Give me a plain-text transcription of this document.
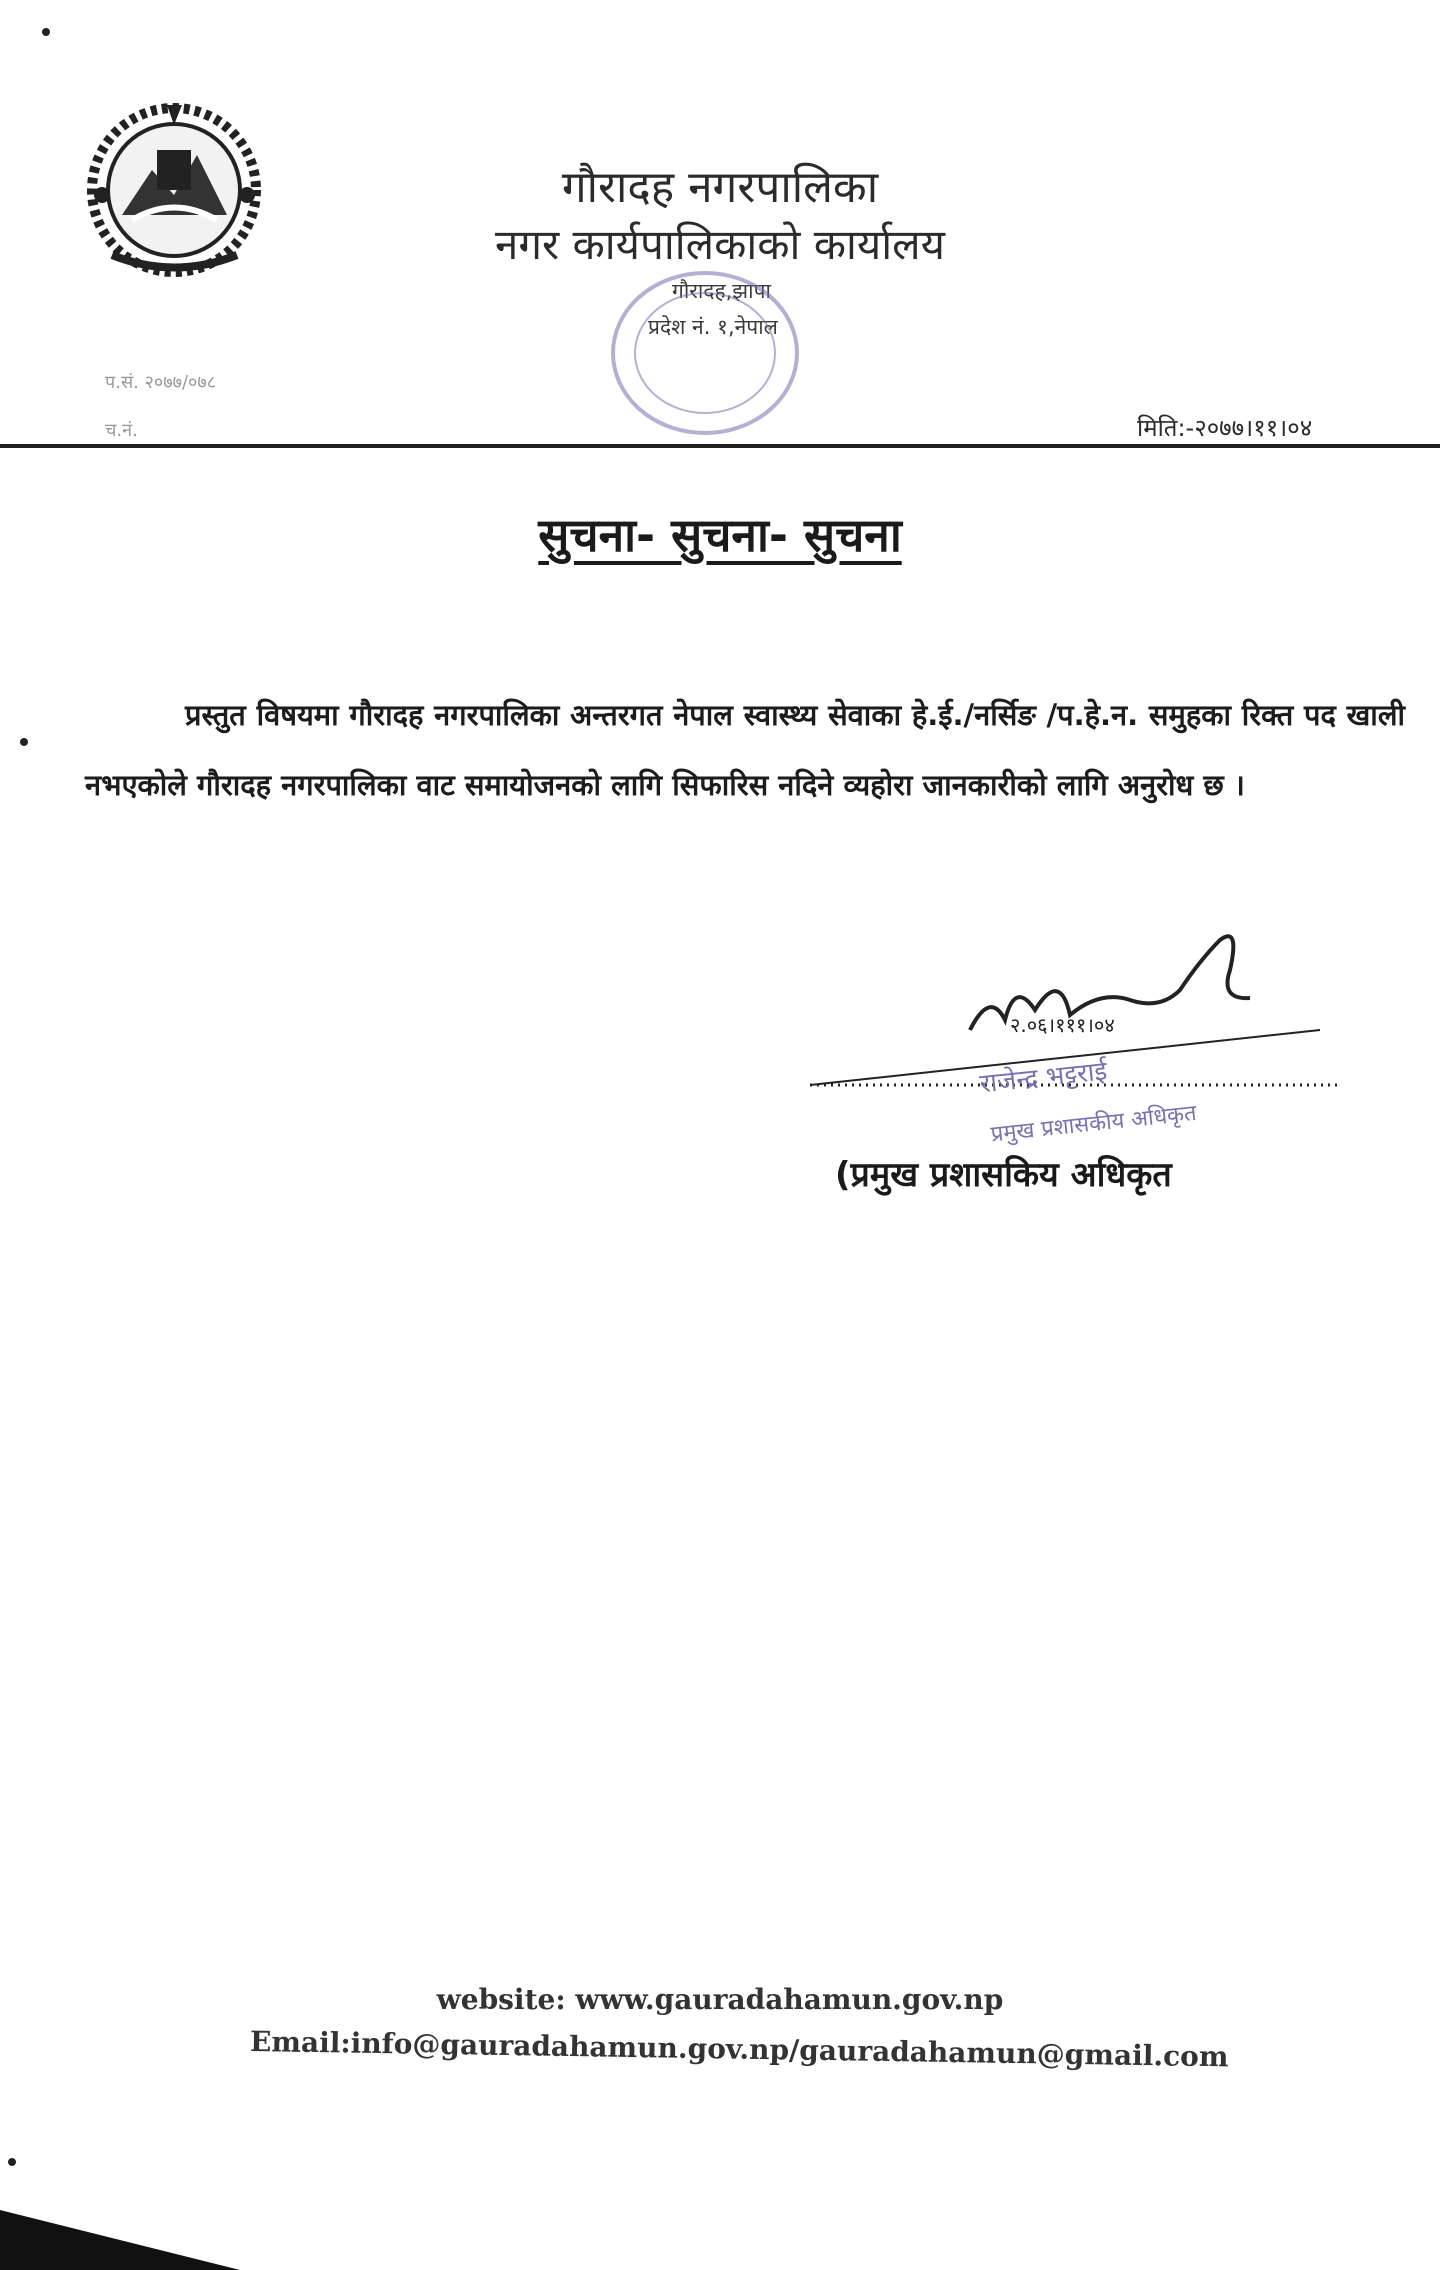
गौरादह नगरपालिका
नगर कार्यपालिकाको कार्यालय
गौरादह,झापा
प्रदेश नं. १,नेपाल
प.सं. २०७७/०७८
च.नं.	मिति:-२०७७।११।०४
सुचना- सुचना- सुचना
प्रस्तुत विषयमा गौरादह नगरपालिका अन्तरगत नेपाल स्वास्थ्य सेवाका हे.ई./नर्सिङ /प.हे.न. समुहका रिक्त पद खाली नभएकोले गौरादह नगरपालिका वाट समायोजनको लागि सिफारिस नदिने व्यहोरा जानकारीको लागि अनुरोध छ ।
राजेन्द्र भट्टराई
प्रमुख प्रशासकीय अधिकृत
२.०६।१११।०४
(प्रमुख प्रशासकिय अधिकृत
website: www.gauradahamun.gov.np
Email:info@gauradahamun.gov.np/gauradahamun@gmail.com
